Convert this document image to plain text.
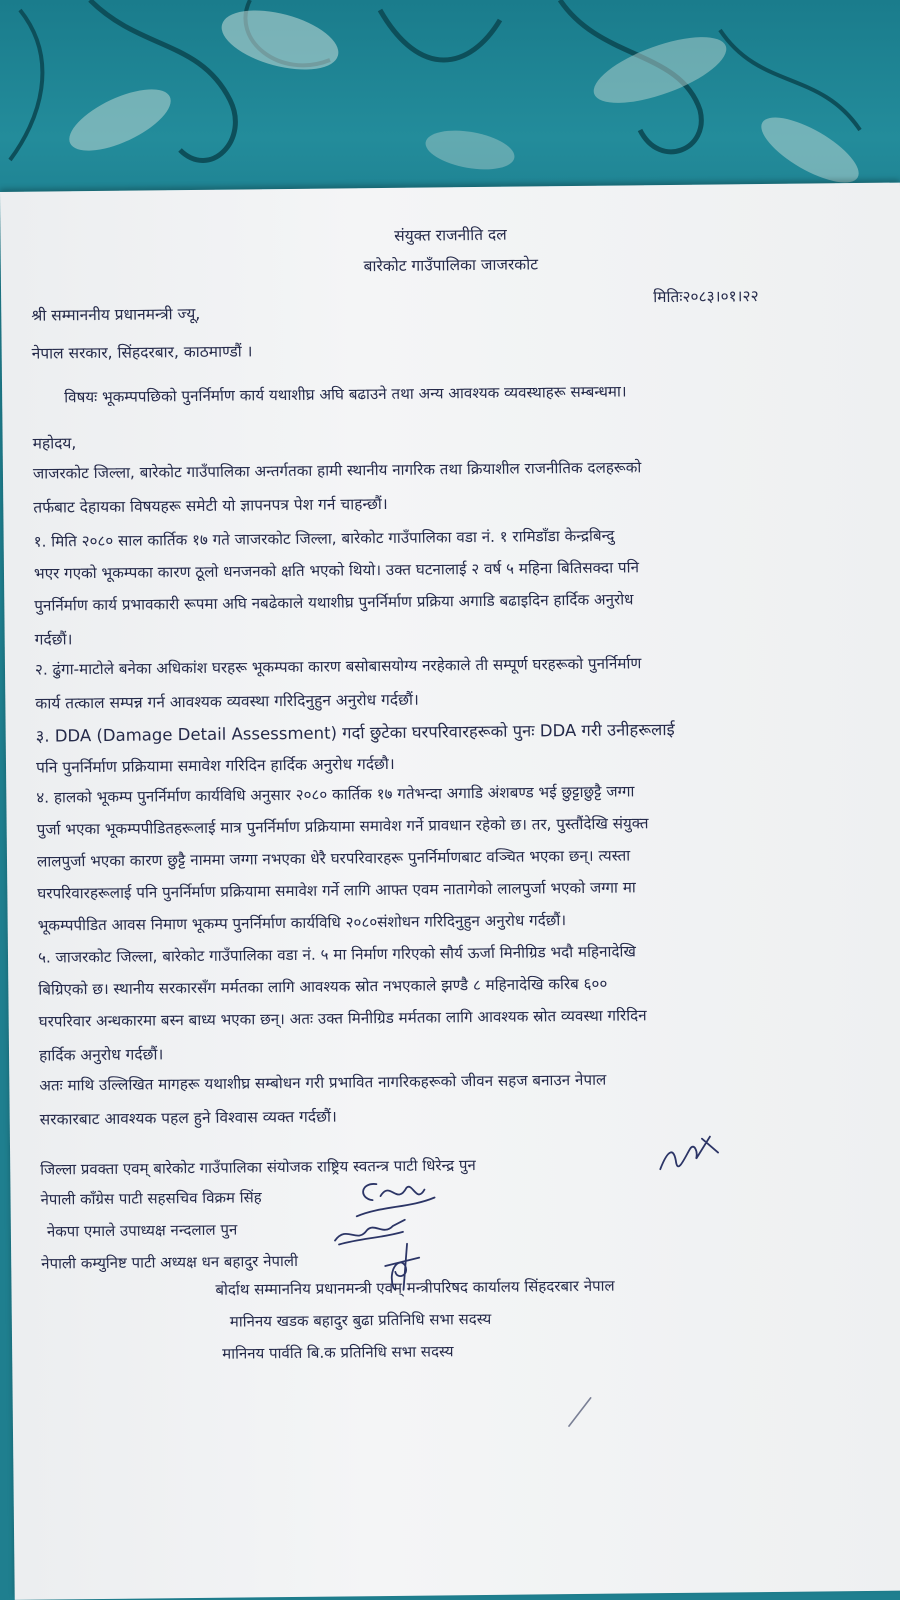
संयुक्त राजनीति दल
बारेकोट गाउँपालिका जाजरकोट
मितिः२०८३।०१।२२
श्री सम्माननीय प्रधानमन्त्री ज्यू,
नेपाल सरकार, सिंहदरबार, काठमाण्डौं ।
विषयः भूकम्पपछिको पुनर्निर्माण कार्य यथाशीघ्र अघि बढाउने तथा अन्य आवश्यक व्यवस्थाहरू सम्बन्धमा।
महोदय,
जाजरकोट जिल्ला, बारेकोट गाउँपालिका अन्तर्गतका हामी स्थानीय नागरिक तथा क्रियाशील राजनीतिक दलहरूको
तर्फबाट देहायका विषयहरू समेटी यो ज्ञापनपत्र पेश गर्न चाहन्छौं।
१. मिति २०८० साल कार्तिक १७ गते जाजरकोट जिल्ला, बारेकोट गाउँपालिका वडा नं. १ रामिडाँडा केन्द्रबिन्दु
भएर गएको भूकम्पका कारण ठूलो धनजनको क्षति भएको थियो। उक्त घटनालाई २ वर्ष ५ महिना बितिसक्दा पनि
पुनर्निर्माण कार्य प्रभावकारी रूपमा अघि नबढेकाले यथाशीघ्र पुनर्निर्माण प्रक्रिया अगाडि बढाइदिन हार्दिक अनुरोध
गर्दछौं।
२. ढुंगा-माटोले बनेका अधिकांश घरहरू भूकम्पका कारण बसोबासयोग्य नरहेकाले ती सम्पूर्ण घरहरूको पुनर्निर्माण
कार्य तत्काल सम्पन्न गर्न आवश्यक व्यवस्था गरिदिनुहुन अनुरोध गर्दछौं।
३. DDA (Damage Detail Assessment) गर्दा छुटेका घरपरिवारहरूको पुनः DDA गरी उनीहरूलाई
पनि पुनर्निर्माण प्रक्रियामा समावेश गरिदिन हार्दिक अनुरोध गर्दछौ।
४. हालको भूकम्प पुनर्निर्माण कार्यविधि अनुसार २०८० कार्तिक १७ गतेभन्दा अगाडि अंशबण्ड भई छुट्टाछुट्टै जग्गा
पुर्जा भएका भूकम्पपीडितहरूलाई मात्र पुनर्निर्माण प्रक्रियामा समावेश गर्ने प्रावधान रहेको छ। तर, पुस्तौंदेखि संयुक्त
लालपुर्जा भएका कारण छुट्टै नाममा जग्गा नभएका धेरै घरपरिवारहरू पुनर्निर्माणबाट वञ्चित भएका छन्। त्यस्ता
घरपरिवारहरूलाई पनि पुनर्निर्माण प्रक्रियामा समावेश गर्ने लागि आफ्त एवम नातागेको लालपुर्जा भएको जग्गा मा
भूकम्पपीडित आवस निमाण भूकम्प पुनर्निर्माण कार्यविधि २०८०संशोधन गरिदिनुहुन अनुरोध गर्दछौं।
५. जाजरकोट जिल्ला, बारेकोट गाउँपालिका वडा नं. ५ मा निर्माण गरिएको सौर्य ऊर्जा मिनीग्रिड भदौ महिनादेखि
बिग्रिएको छ। स्थानीय सरकारसँग मर्मतका लागि आवश्यक स्रोत नभएकाले झण्डै ८ महिनादेखि करिब ६००
घरपरिवार अन्धकारमा बस्न बाध्य भएका छन्। अतः उक्त मिनीग्रिड मर्मतका लागि आवश्यक स्रोत व्यवस्था गरिदिन
हार्दिक अनुरोध गर्दछौं।
अतः माथि उल्लिखित मागहरू यथाशीघ्र सम्बोधन गरी प्रभावित नागरिकहरूको जीवन सहज बनाउन नेपाल
सरकारबाट आवश्यक पहल हुने विश्वास व्यक्त गर्दछौं।
जिल्ला प्रवक्ता एवम् बारेकोट गाउँपालिका संयोजक राष्ट्रिय स्वतन्त्र पाटी धिरेन्द्र पुन
नेपाली काँग्रेस पाटी सहसचिव विक्रम सिंह
नेकपा एमाले उपाध्यक्ष नन्दलाल पुन
नेपाली कम्युनिष्ट पाटी अध्यक्ष धन बहादुर नेपाली
बोर्दाथ सम्माननिय प्रधानमन्त्री एवम् मन्त्रीपरिषद कार्यालय सिंहदरबार नेपाल
मानिनय खडक बहादुर बुढा प्रतिनिधि सभा सदस्य
मानिनय पार्वति बि.क प्रतिनिधि सभा सदस्य
